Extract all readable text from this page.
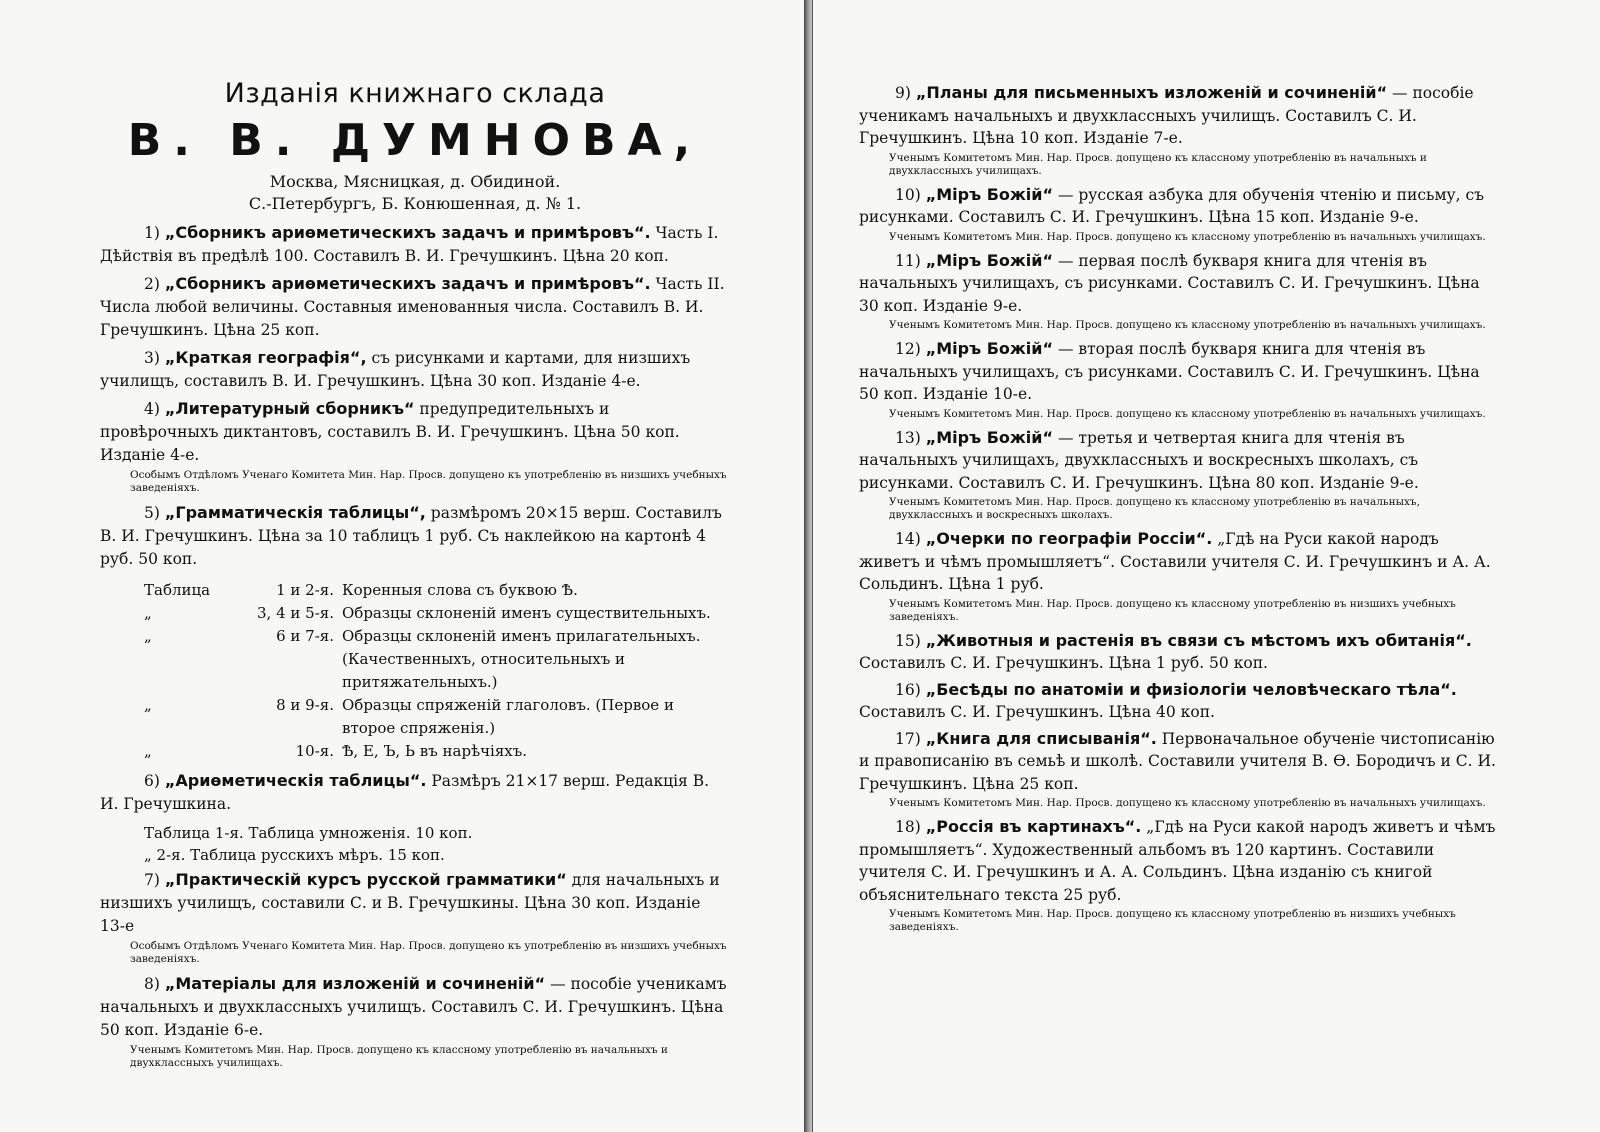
Изданія книжнаго склада
В. В. ДУМНОВА,
Москва, Мясницкая, д. Обидиной.
С.-Петербургъ, Б. Конюшенная, д. № 1.

1) „Сборникъ ариѳметическихъ задачъ и примѣровъ“. Часть I. Дѣйствія въ предѣлѣ 100. Составилъ В. И. Гречушкинъ. Цѣна 20 коп.

2) „Сборникъ ариѳметическихъ задачъ и примѣровъ“. Часть II. Числа любой величины. Составныя именованныя числа. Составилъ В. И. Гречушкинъ. Цѣна 25 коп.

3) „Краткая географія“, съ рисунками и картами, для низшихъ училищъ, составилъ В. И. Гречушкинъ. Цѣна 30 коп. Изданіе 4-е.

4) „Литературный сборникъ“ предупредительныхъ и провѣрочныхъ диктантовъ, составилъ В. И. Гречушкинъ. Цѣна 50 коп. Изданіе 4-е.

Особымъ Отдѣломъ Ученаго Комитета Мин. Нар. Просв. допущено къ употребленію въ низшихъ учебныхъ заведеніяхъ.

5) „Грамматическія таблицы“, размѣромъ 20×15 верш. Составилъ В. И. Гречушкинъ. Цѣна за 10 таблицъ 1 руб. Съ наклейкою на картонѣ 4 руб. 50 коп.

Таблица	1 и 2-я. Коренныя слова съ буквою Ѣ.
„	3, 4 и 5-я. Образцы склоненій именъ существительныхъ.
„	6 и 7-я. Образцы склоненій именъ прилагательныхъ. (Качественныхъ, относительныхъ и притяжательныхъ.)
„	8 и 9-я. Образцы спряженій глаголовъ. (Первое и второе спряженія.)
„	10-я. Ѣ, Е, Ъ, Ь въ нарѣчіяхъ.

6) „Ариѳметическія таблицы“. Размѣръ 21×17 верш. Редакція В. И. Гречушкина.

Таблица 1-я. Таблица умноженія. 10 коп.
„ 2-я. Таблица русскихъ мѣръ. 15 коп.

7) „Практическій курсъ русской грамматики“ для начальныхъ и низшихъ училищъ, составили С. и В. Гречушкины. Цѣна 30 коп. Изданіе 13-е

Особымъ Отдѣломъ Ученаго Комитета Мин. Нар. Просв. допущено къ употребленію въ низшихъ учебныхъ заведеніяхъ.

8) „Матеріалы для изложеній и сочиненій“ — пособіе ученикамъ начальныхъ и двухклассныхъ училищъ. Составилъ С. И. Гречушкинъ. Цѣна 50 коп. Изданіе 6-е.

Ученымъ Комитетомъ Мин. Нар. Просв. допущено къ классному употребленію въ начальныхъ и двухклассныхъ училищахъ.

9) „Планы для письменныхъ изложеній и сочиненій“ — пособіе ученикамъ начальныхъ и двухклассныхъ училищъ. Составилъ С. И. Гречушкинъ. Цѣна 10 коп. Изданіе 7-е.

Ученымъ Комитетомъ Мин. Нар. Просв. допущено къ классному употребленію въ начальныхъ и двухклассныхъ училищахъ.

10) „Міръ Божій“ — русская азбука для обученія чтенію и письму, съ рисунками. Составилъ С. И. Гречушкинъ. Цѣна 15 коп. Изданіе 9-е.

Ученымъ Комитетомъ Мин. Нар. Просв. допущено къ классному употребленію въ начальныхъ училищахъ.

11) „Міръ Божій“ — первая послѣ букваря книга для чтенія въ начальныхъ училищахъ, съ рисунками. Составилъ С. И. Гречушкинъ. Цѣна 30 коп. Изданіе 9-е.

Ученымъ Комитетомъ Мин. Нар. Просв. допущено къ классному употребленію въ начальныхъ училищахъ.

12) „Міръ Божій“ — вторая послѣ букваря книга для чтенія въ начальныхъ училищахъ, съ рисунками. Составилъ С. И. Гречушкинъ. Цѣна 50 коп. Изданіе 10-е.

Ученымъ Комитетомъ Мин. Нар. Просв. допущено къ классному употребленію въ начальныхъ училищахъ.

13) „Міръ Божій“ — третья и четвертая книга для чтенія въ начальныхъ училищахъ, двухклассныхъ и воскресныхъ школахъ, съ рисунками. Составилъ С. И. Гречушкинъ. Цѣна 80 коп. Изданіе 9-е.

Ученымъ Комитетомъ Мин. Нар. Просв. допущено къ классному употребленію въ начальныхъ, двухклассныхъ и воскресныхъ школахъ.

14) „Очерки по географіи Россіи“. „Гдѣ на Руси какой народъ живетъ и чѣмъ промышляетъ“. Составили учителя С. И. Гречушкинъ и А. А. Сольдинъ. Цѣна 1 руб.

Ученымъ Комитетомъ Мин. Нар. Просв. допущено къ классному употребленію въ низшихъ учебныхъ заведеніяхъ.

15) „Животныя и растенія въ связи съ мѣстомъ ихъ обитанія“. Составилъ С. И. Гречушкинъ. Цѣна 1 руб. 50 коп.

16) „Бесѣды по анатоміи и физіологіи человѣческаго тѣла“. Составилъ С. И. Гречушкинъ. Цѣна 40 коп.

17) „Книга для списыванія“. Первоначальное обученіе чистописанію и правописанію въ семьѣ и школѣ. Составили учителя В. Ѳ. Бородичъ и С. И. Гречушкинъ. Цѣна 25 коп.

Ученымъ Комитетомъ Мин. Нар. Просв. допущено къ классному употребленію въ начальныхъ училищахъ.

18) „Россія въ картинахъ“. „Гдѣ на Руси какой народъ живетъ и чѣмъ промышляетъ“. Художественный альбомъ въ 120 картинъ. Составили учителя С. И. Гречушкинъ и А. А. Сольдинъ. Цѣна изданію съ книгой объяснительнаго текста 25 руб.

Ученымъ Комитетомъ Мин. Нар. Просв. допущено къ классному употребленію въ низшихъ учебныхъ заведеніяхъ.
